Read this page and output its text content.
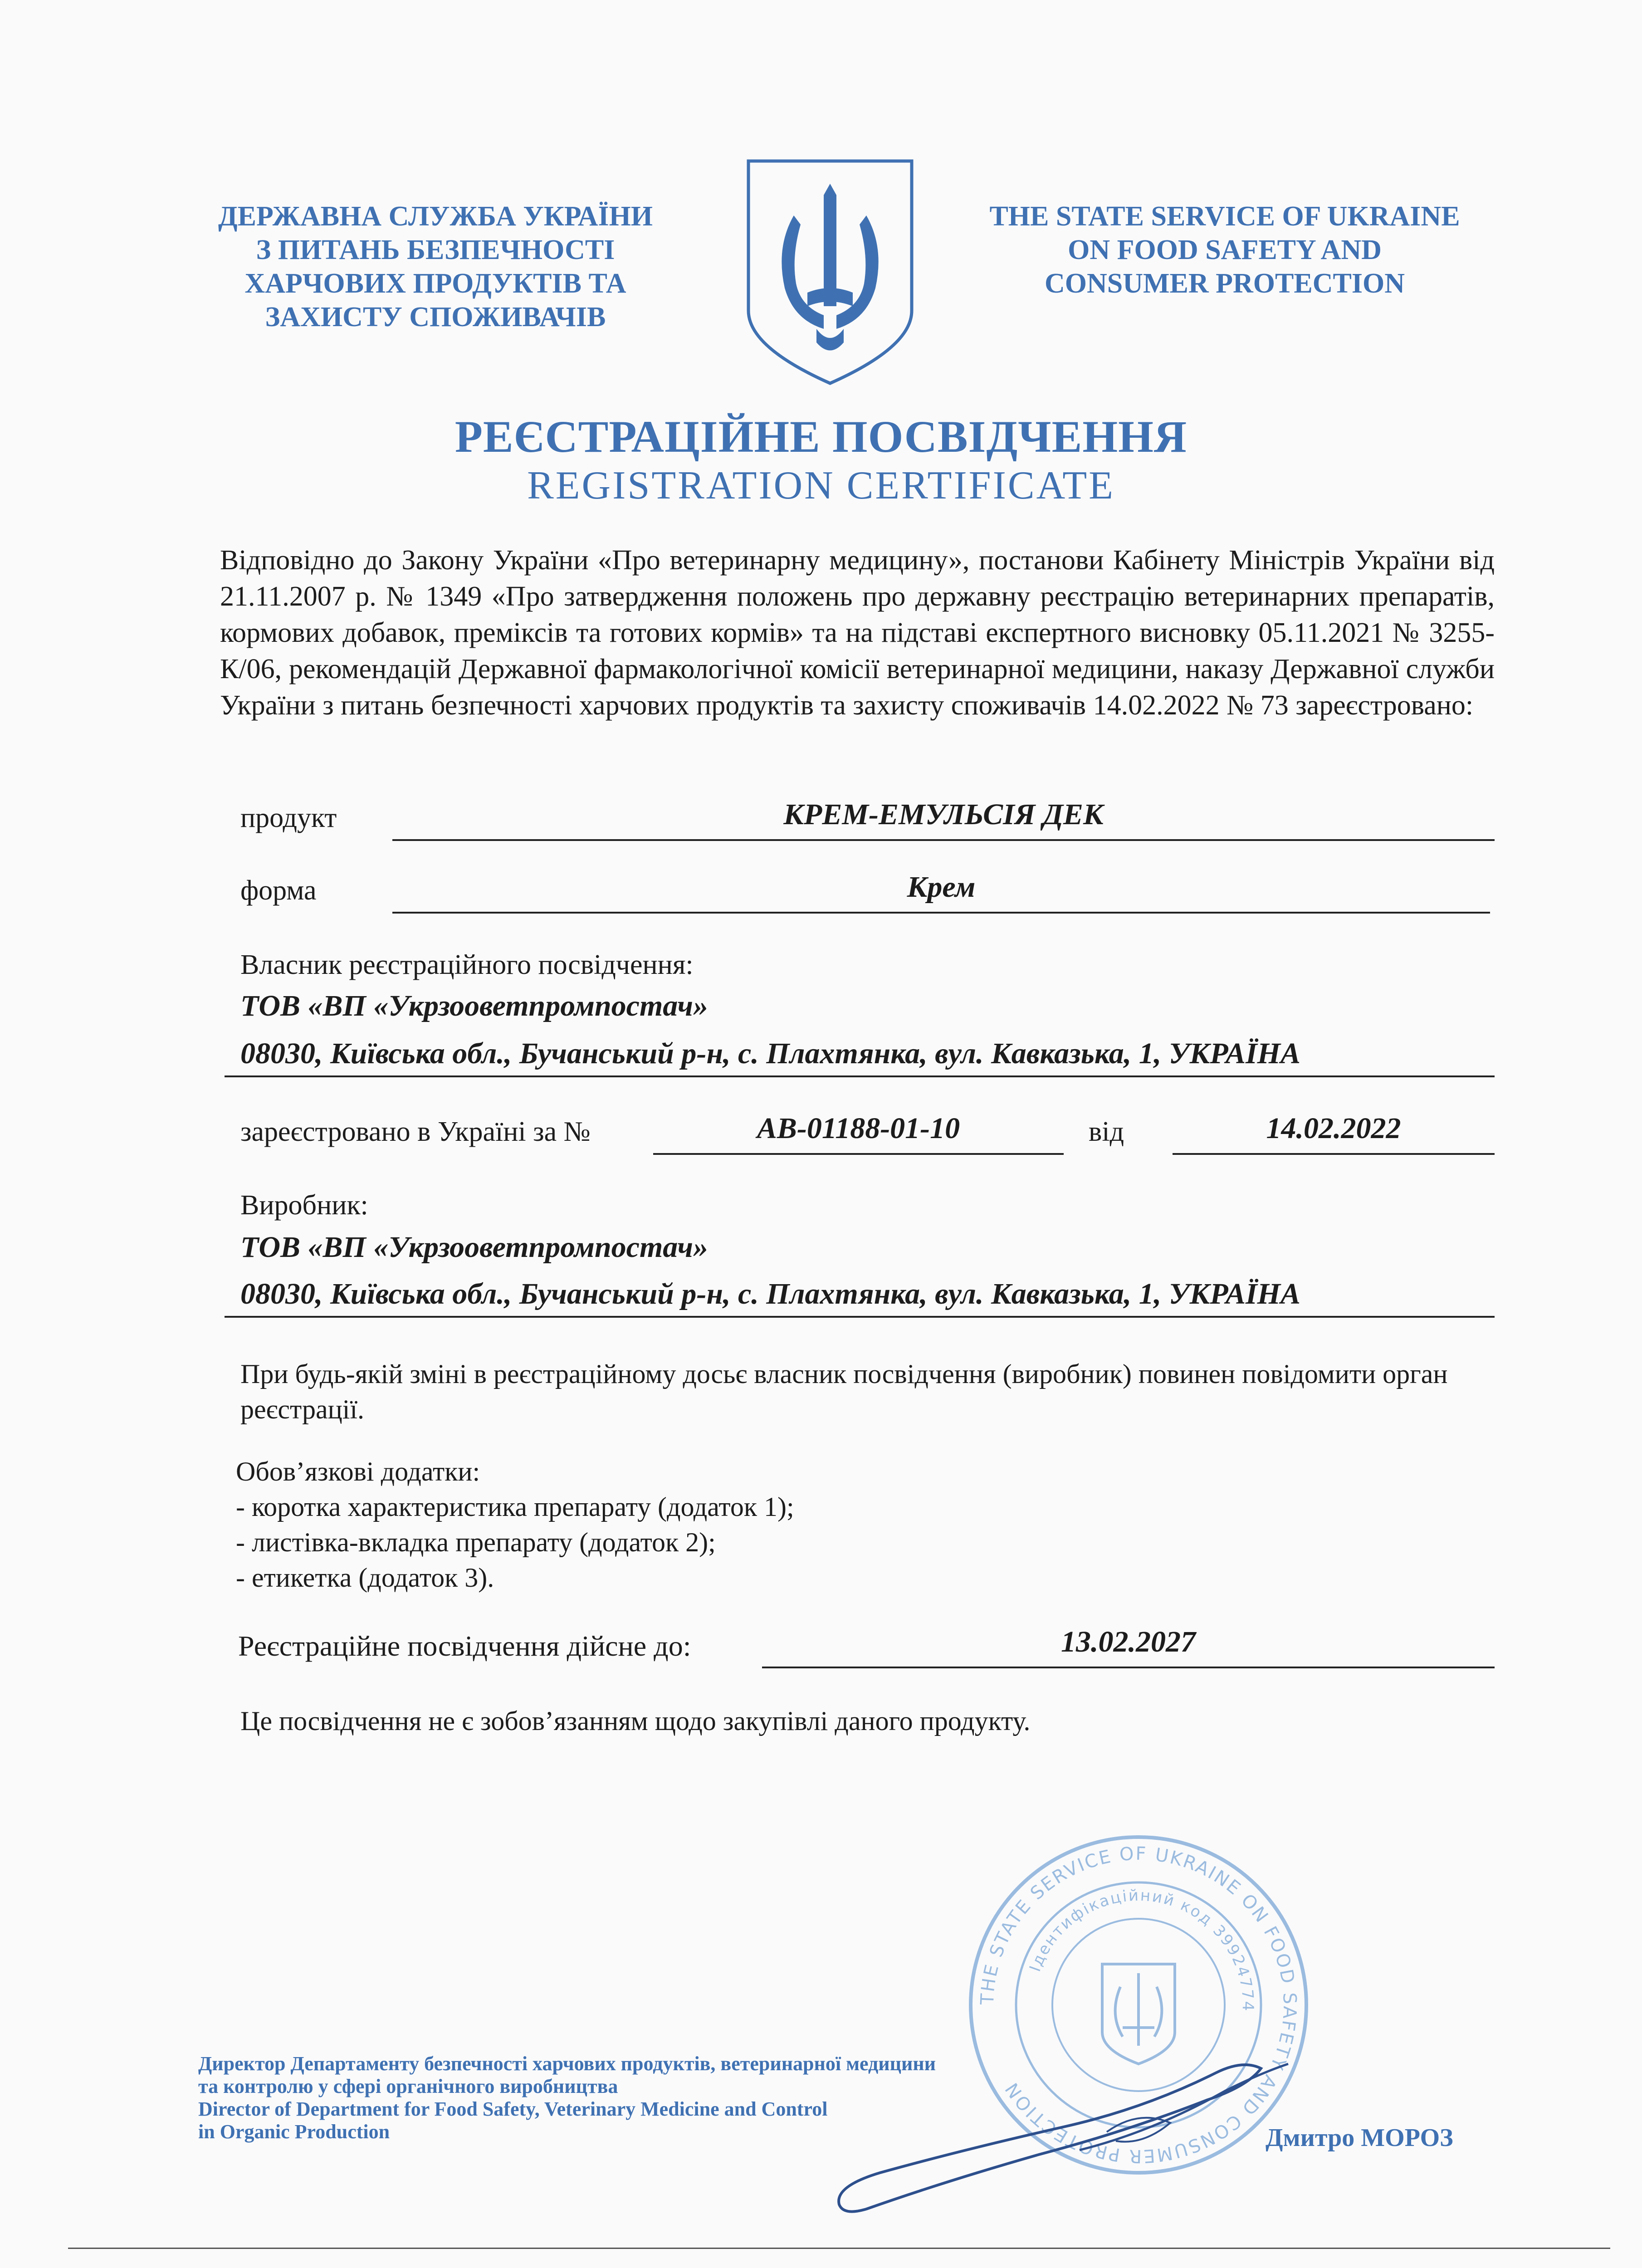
ДЕРЖАВНА СЛУЖБА УКРАЇНИ
З ПИТАНЬ БЕЗПЕЧНОСТІ
ХАРЧОВИХ ПРОДУКТІВ ТА
ЗАХИСТУ СПОЖИВАЧІВ
THE STATE SERVICE OF UKRAINE
ON FOOD SAFETY AND
CONSUMER PROTECTION
РЕЄСТРАЦІЙНЕ ПОСВІДЧЕННЯ
REGISTRATION CERTIFICATE
Відповідно до Закону України «Про ветеринарну медицину», постанови Кабінету Міністрів України від 21.11.2007 р. № 1349 «Про затвердження положень про державну реєстрацію ветеринарних препаратів, кормових добавок, преміксів та готових кормів» та на підставі експертного висновку 05.11.2021 № 3255-К/06, рекомендацій Державної фармакологічної комісії ветеринарної медицини, наказу Державної служби України з питань безпечності харчових продуктів та захисту споживачів 14.02.2022 № 73 зареєстровано:
продукт	КРЕМ-ЕМУЛЬСІЯ ДЕК
форма	Крем
Власник реєстраційного посвідчення:
ТОВ «ВП «Укрзооветпромпостач»
08030, Київська обл., Бучанський р-н, с. Плахтянка, вул. Кавказька, 1, УКРАЇНА
зареєстровано в Україні за №	АВ-01188-01-10	від	14.02.2022
Виробник:
ТОВ «ВП «Укрзооветпромпостач»
08030, Київська обл., Бучанський р-н, с. Плахтянка, вул. Кавказька, 1, УКРАЇНА
При будь-якій зміні в реєстраційному досьє власник посвідчення (виробник) повинен повідомити орган реєстрації.
Обов’язкові додатки:
- коротка характеристика препарату (додаток 1);
- листівка-вкладка препарату (додаток 2);
- етикетка (додаток 3).
Реєстраційне посвідчення дійсне до:	13.02.2027
Це посвідчення не є зобов’язанням щодо закупівлі даного продукту.
THE STATE SERVICE OF UKRAINE ON FOOD SAFETY AND CONSUMER PROTECTION
Ідентифікаційний код 39924774
Директор Департаменту безпечності харчових продуктів, ветеринарної медицини
та контролю у сфері органічного виробництва
Director of Department for Food Safety, Veterinary Medicine and Control
in Organic Production	Дмитро МОРОЗ
